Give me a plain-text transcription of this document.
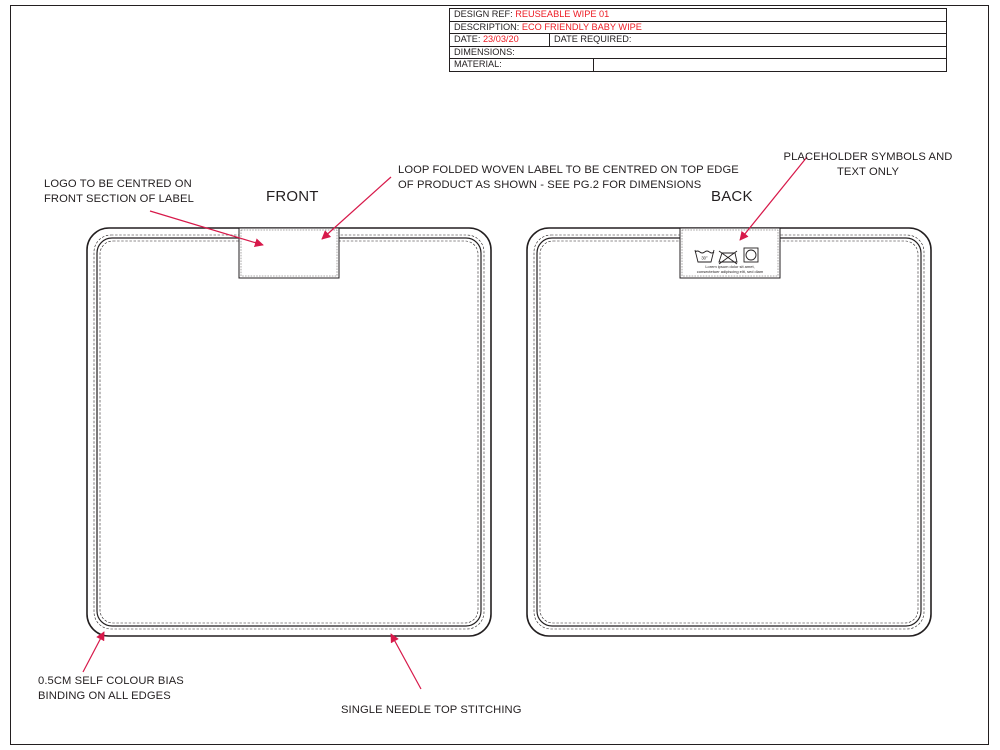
DESIGN REF: REUSEABLE WIPE 01
DESCRIPTION: ECO FRIENDLY BABY WIPE
DATE: 23/03/20	DATE REQUIRED:
DIMENSIONS:
MATERIAL:
30°
Lorem ipsum dolor sit amet,
consectetuer adipiscing elit, sed diam
FRONT	BACK
LOGO TO BE CENTRED ON
FRONT SECTION OF LABEL
LOOP FOLDED WOVEN LABEL TO BE CENTRED ON TOP EDGE
OF PRODUCT AS SHOWN - SEE PG.2 FOR DIMENSIONS
PLACEHOLDER SYMBOLS AND
TEXT ONLY
0.5CM SELF COLOUR BIAS
BINDING ON ALL EDGES
SINGLE NEEDLE TOP STITCHING
